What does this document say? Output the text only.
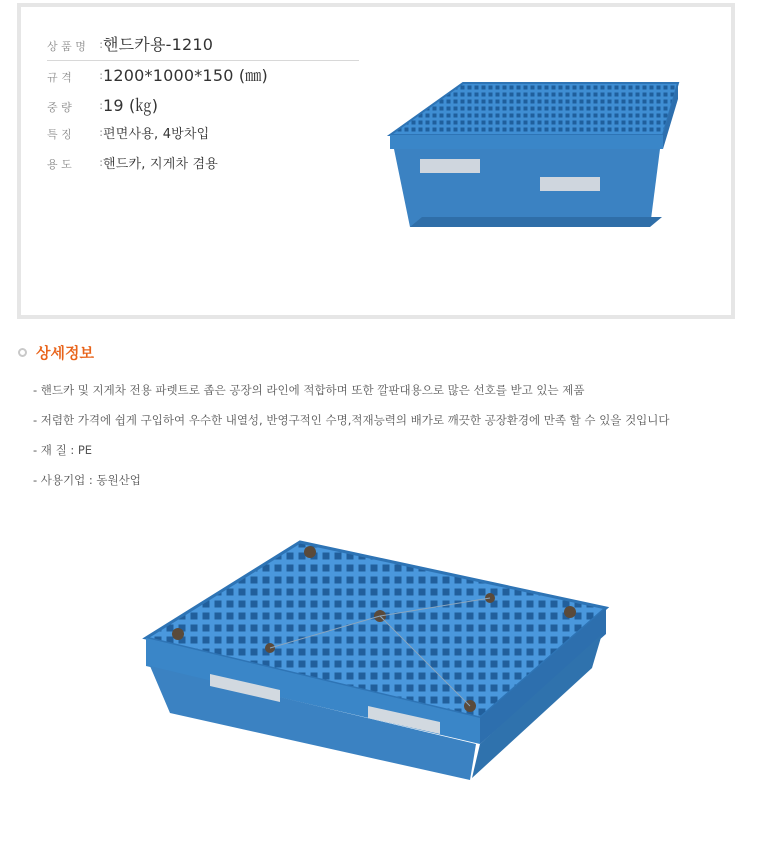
상 품 명 : 핸드카용-1210
규 격	: 1200*1000*150 (㎜)
중 량	: 19 (㎏)
특 징	: 편면사용, 4방차입
용 도	: 핸드카, 지게차 겸용
상세정보
- 핸드카 및 지게차 전용 파렛트로 좁은 공장의 라인에 적합하며 또한 깔판대용으로 많은 선호를 받고 있는 제품
- 저렴한 가격에 쉽게 구입하여 우수한 내열성, 반영구적인 수명,적재능력의 배가로 깨끗한 공장환경에 만족 할 수 있을 것입니다
- 재 질 : PE
- 사용기업 : 동원산업
